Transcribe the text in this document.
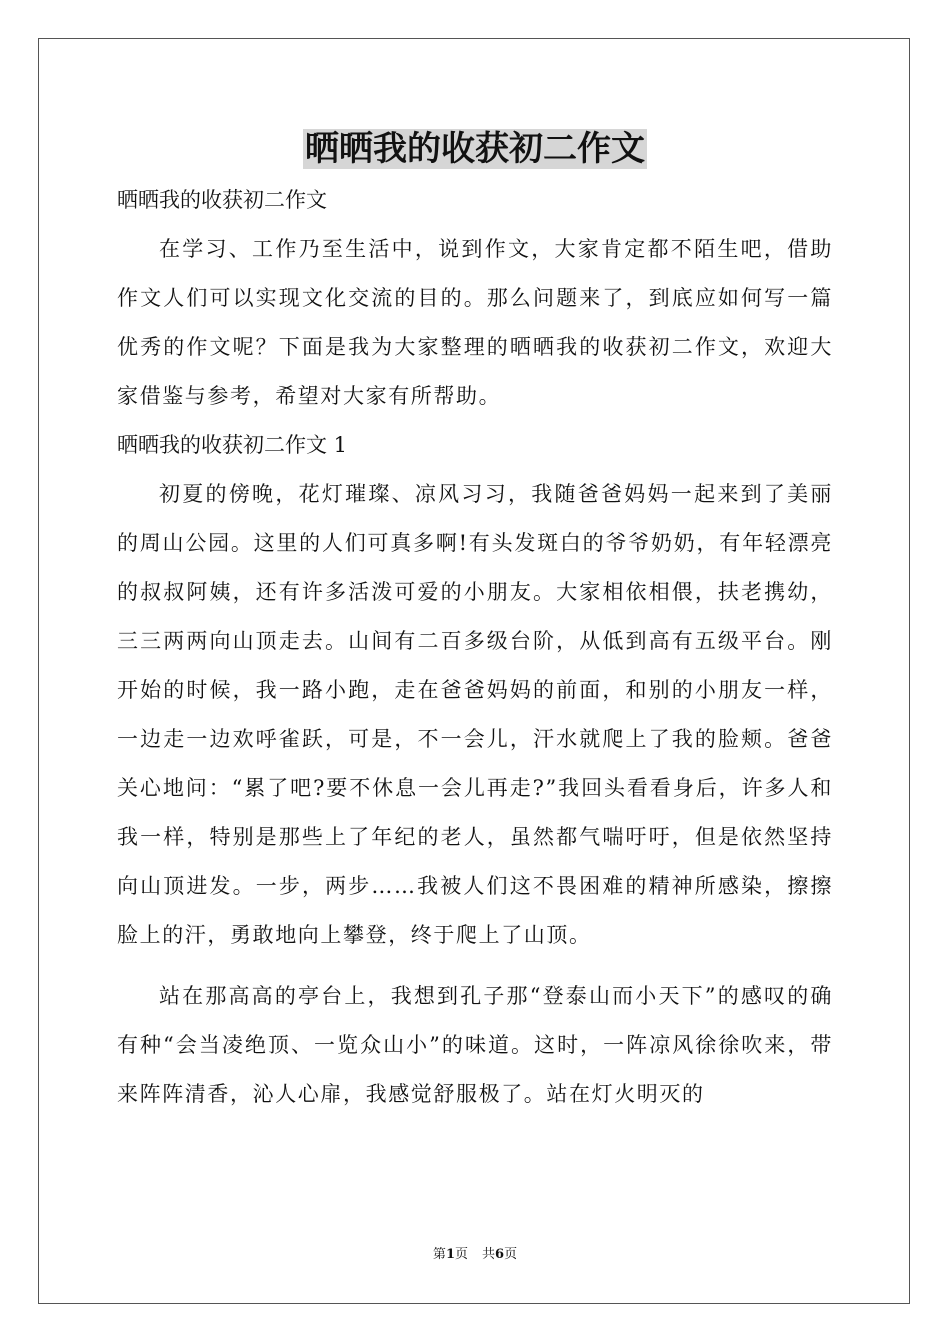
晒晒我的收获初二作文

晒晒我的收获初二作文

在学习、工作乃至生活中，说到作文，大家肯定都不陌生吧，借助作文人们可以实现文化交流的目的。那么问题来了，到底应如何写一篇优秀的作文呢？下面是我为大家整理的晒晒我的收获初二作文，欢迎大家借鉴与参考，希望对大家有所帮助。

晒晒我的收获初二作文 1

初夏的傍晚，花灯璀璨、凉风习习，我随爸爸妈妈一起来到了美丽的周山公园。这里的人们可真多啊!有头发斑白的爷爷奶奶，有年轻漂亮的叔叔阿姨，还有许多活泼可爱的小朋友。大家相依相偎，扶老携幼，三三两两向山顶走去。山间有二百多级台阶，从低到高有五级平台。刚开始的时候，我一路小跑，走在爸爸妈妈的前面，和别的小朋友一样，一边走一边欢呼雀跃，可是，不一会儿，汗水就爬上了我的脸颊。爸爸关心地问：“累了吧?要不休息一会儿再走?”我回头看看身后，许多人和我一样，特别是那些上了年纪的老人，虽然都气喘吁吁，但是依然坚持向山顶进发。一步，两步……我被人们这不畏困难的精神所感染，擦擦脸上的汗，勇敢地向上攀登，终于爬上了山顶。

站在那高高的亭台上，我想到孔子那“登泰山而小天下”的感叹的确有种“会当凌绝顶、一览众山小”的味道。这时，一阵凉风徐徐吹来，带来阵阵清香，沁人心扉，我感觉舒服极了。站在灯火明灭的

第1页 共6页
